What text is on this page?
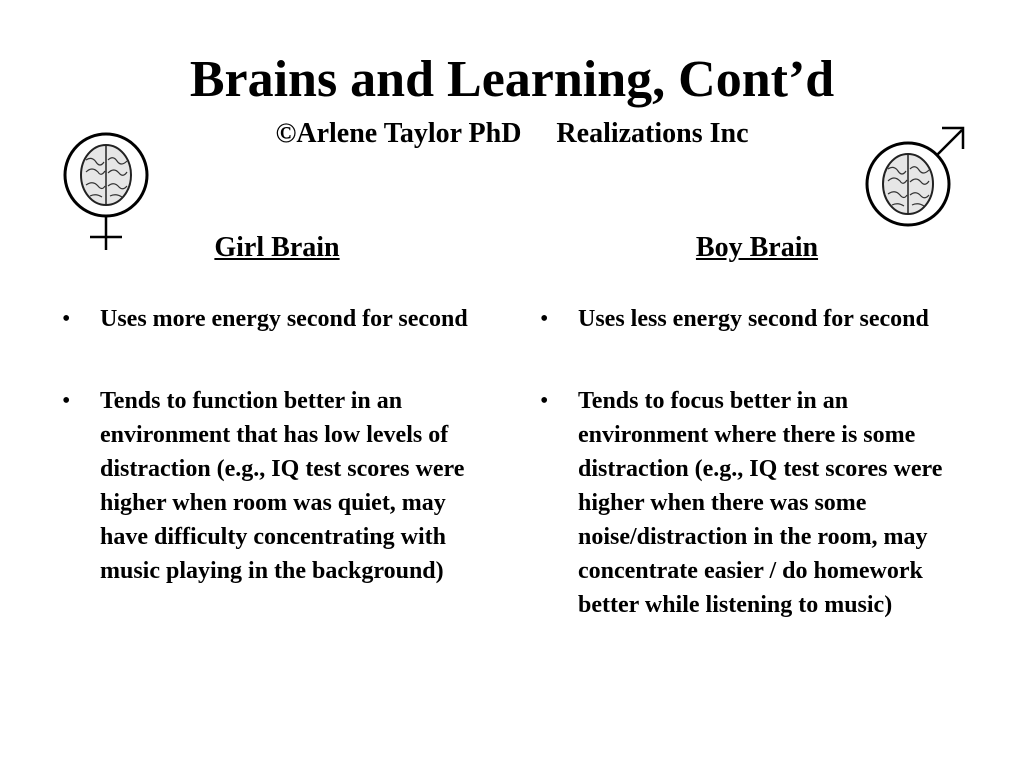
Brains and Learning, Cont’d

©Arlene Taylor PhD     Realizations Inc

Girl Brain	Boy Brain
• Uses more energy second for second
• Tends to function better in an environment that has low levels of distraction (e.g., IQ test scores were higher when room was quiet, may have difficulty concentrating with music playing in the background)
• Uses less energy second for second
• Tends to focus better in an environment where there is some distraction (e.g., IQ test scores were higher when there was some noise/distraction in the room, may concentrate easier / do homework better while listening to music)
